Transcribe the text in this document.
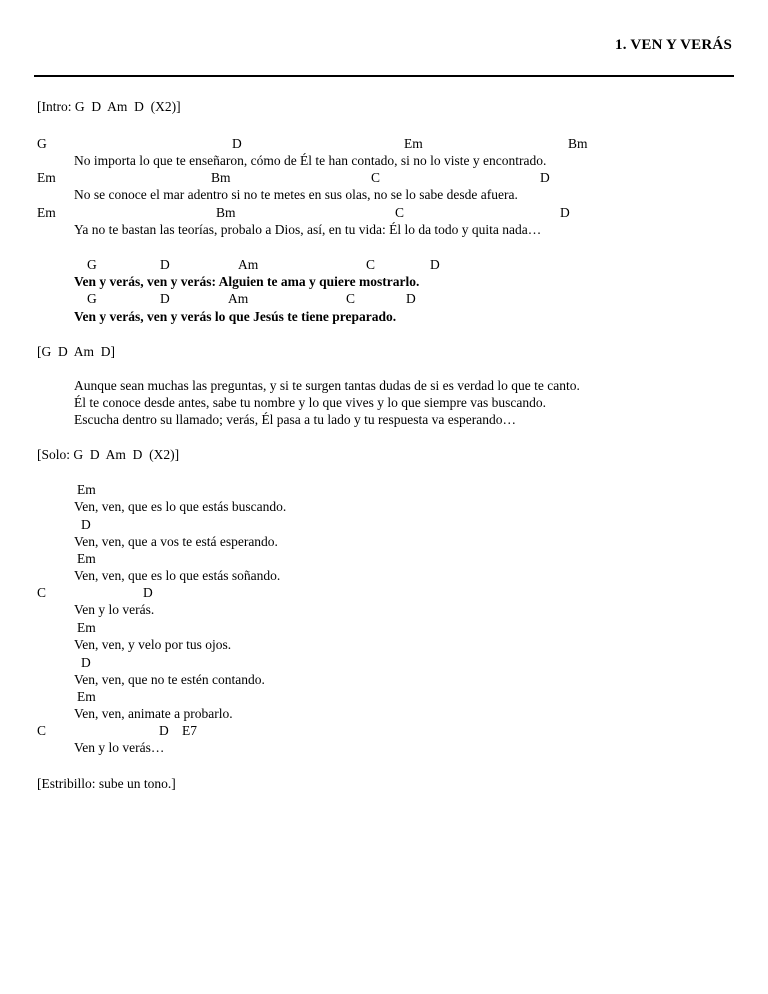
1. VEN Y VERÁS
[Intro: G  D  Am  D  (X2)]
G	D	Em	Bm
No importa lo que te enseñaron, cómo de Él te han contado, si no lo viste y encontrado.
Em	Bm	C	D
No se conoce el mar adentro si no te metes en sus olas, no se lo sabe desde afuera.
Em	Bm	C	D
Ya no te bastan las teorías, probalo a Dios, así, en tu vida: Él lo da todo y quita nada…
G	D	Am	C	D
Ven y verás, ven y verás: Alguien te ama y quiere mostrarlo.
G	D	Am	C	D
Ven y verás, ven y verás lo que Jesús te tiene preparado.
[G  D  Am  D]
Aunque sean muchas las preguntas, y si te surgen tantas dudas de si es verdad lo que te canto.
Él te conoce desde antes, sabe tu nombre y lo que vives y lo que siempre vas buscando.
Escucha dentro su llamado; verás, Él pasa a tu lado y tu respuesta va esperando…
[Solo: G  D  Am  D  (X2)]
Em
Ven, ven, que es lo que estás buscando.
D
Ven, ven, que a vos te está esperando.
Em
Ven, ven, que es lo que estás soñando.
C	D
Ven y lo verás.
Em
Ven, ven, y velo por tus ojos.
D
Ven, ven, que no te estén contando.
Em
Ven, ven, animate a probarlo.
C	D E7
Ven y lo verás…
[Estribillo: sube un tono.]
